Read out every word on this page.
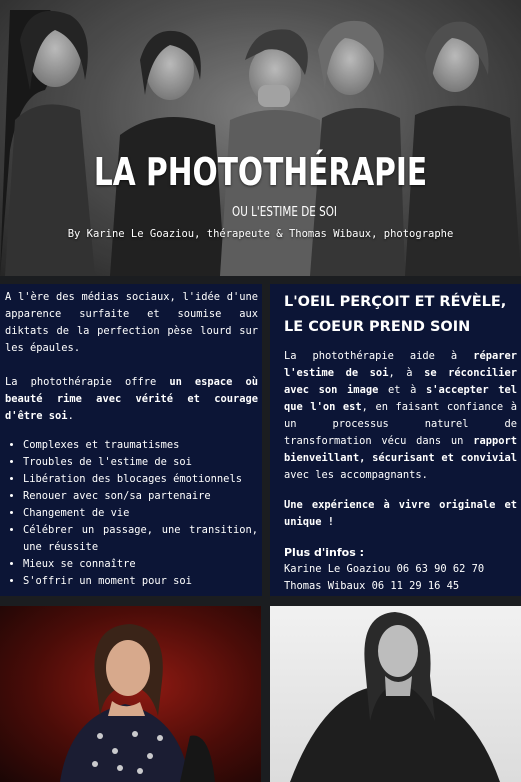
LA PHOTOTHÉRAPIE
OU L'ESTIME DE SOI
By Karine Le Goaziou, thérapeute & Thomas Wibaux, photographe

A l'ère des médias sociaux, l'idée d'une apparence surfaite et soumise aux diktats de la perfection pèse lourd sur les épaules.

La photothérapie offre un espace où beauté rime avec vérité et courage d'être soi.

• Complexes et traumatismes
• Troubles de l'estime de soi
• Libération des blocages émotionnels
• Renouer avec son/sa partenaire
• Changement de vie
• Célébrer un passage, une transition, une réussite
• Mieux se connaître
• S'offrir un moment pour soi
L'OEIL PERÇOIT ET RÉVÈLE,
LE COEUR PREND SOIN

La photothérapie aide à réparer l'estime de soi, à se réconcilier avec son image et à s'accepter tel que l'on est, en faisant confiance à un processus naturel de transformation vécu dans un rapport bienveillant, sécurisant et convivial avec les accompagnants.

Une expérience à vivre originale et unique !

Plus d'infos :
Karine Le Goaziou 06 63 90 62 70
Thomas Wibaux 06 11 29 16 45
